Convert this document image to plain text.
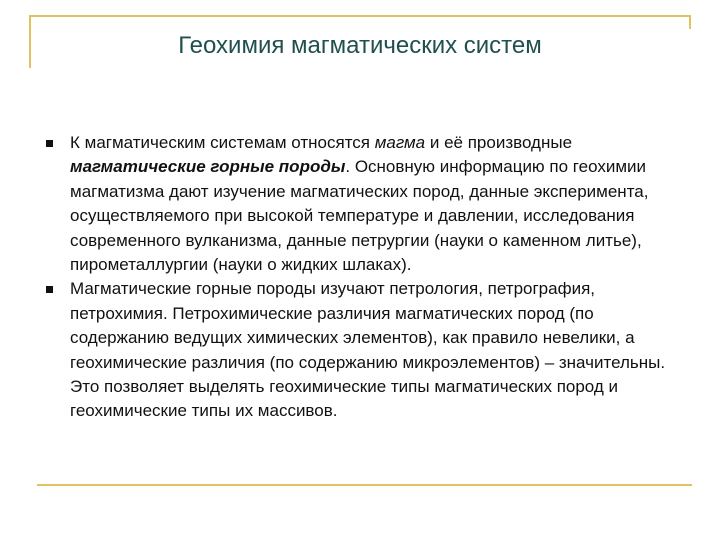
Геохимия магматических систем
К магматическим системам относятся магма и её производные магматические горные породы. Основную информацию по геохимии магматизма дают изучение магматических пород, данные эксперимента, осуществляемого при высокой температуре и давлении, исследования современного вулканизма, данные петрургии (науки о каменном литье), пирометаллургии (науки о жидких шлаках).
Магматические горные породы изучают петрология, петрография, петрохимия. Петрохимические различия магматических пород (по содержанию ведущих химических элементов), как правило невелики, а геохимические различия (по содержанию микроэлементов) – значительны. Это позволяет выделять геохимические типы магматических пород и геохимические типы их массивов.
